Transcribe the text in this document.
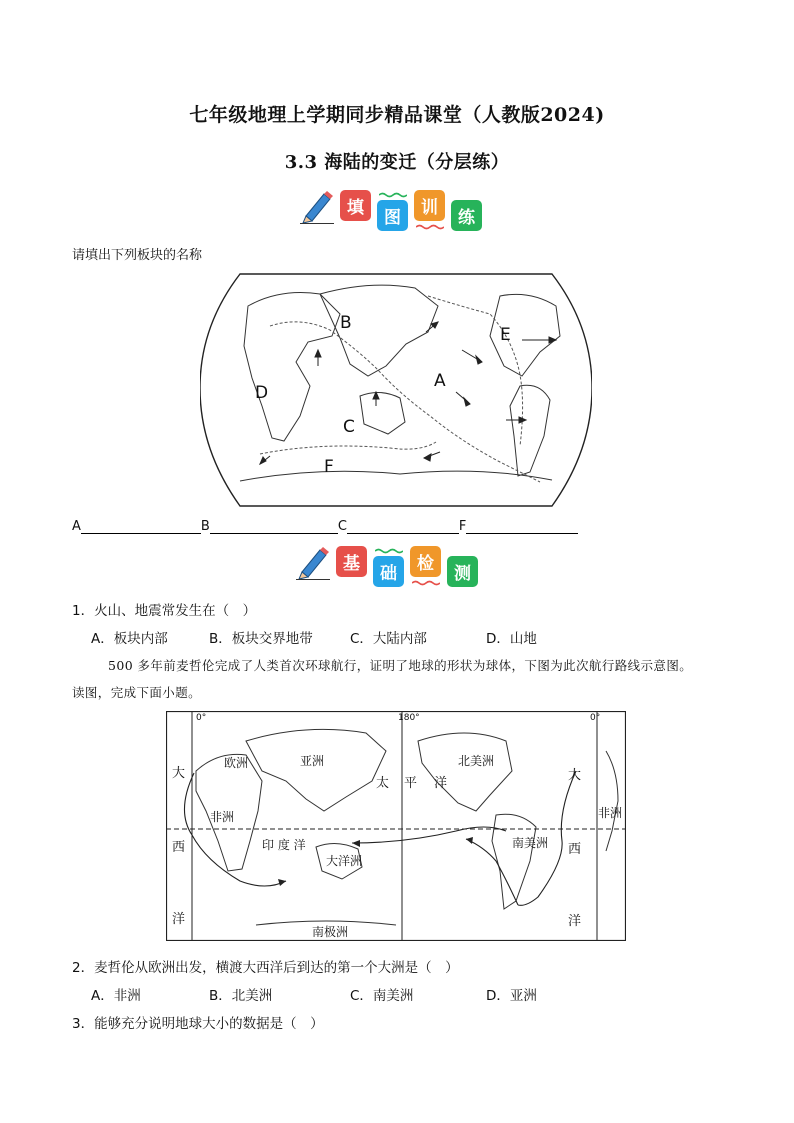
七年级地理上学期同步精品课堂（人教版2024)
3.3 海陆的变迁（分层练）
填	图 训	练
请填出下列板块的名称
B
E
A
D
C
F
A	B	C	F
基	础 检	测
1．火山、地震常发生在（　）
A．板块内部	B．板块交界地带	C．大陆内部	D．山地
500 多年前麦哲伦完成了人类首次环球航行，证明了地球的形状为球体，下图为此次航行路线示意图。
读图，完成下面小题。
0°	180°	0°
欧洲	亚洲	北美洲
大
西
洋
太 平 洋
大
西
洋
非洲	非洲
南美洲
印 度 洋
大洋洲
南极洲
2．麦哲伦从欧洲出发，横渡大西洋后到达的第一个大洲是（　）
A．非洲	B．北美洲	C．南美洲	D．亚洲
3．能够充分说明地球大小的数据是（　）
